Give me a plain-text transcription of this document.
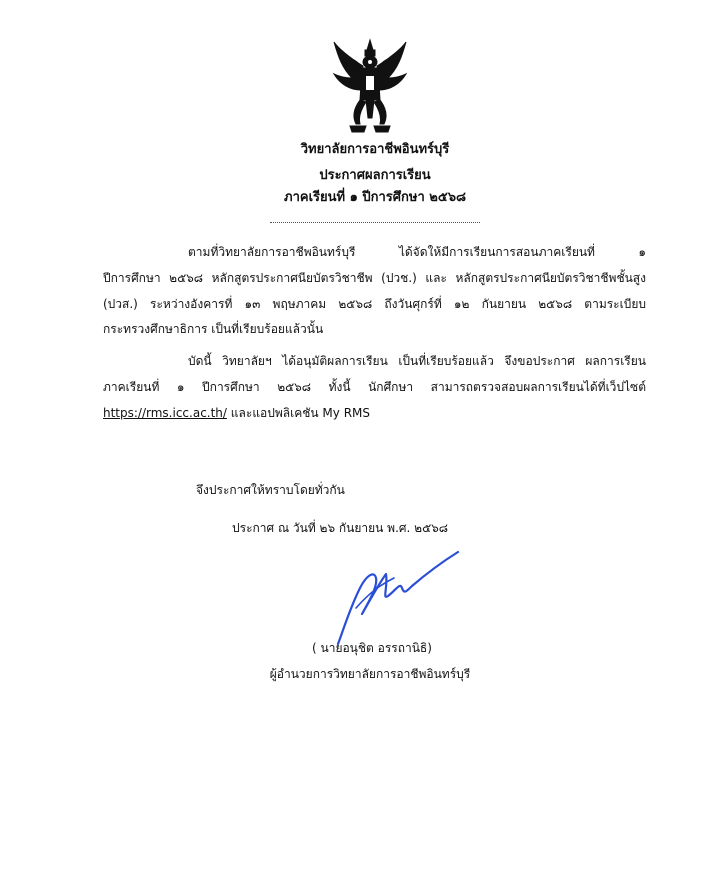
วิทยาลัยการอาชีพอินทร์บุรี
ประกาศผลการเรียน
ภาคเรียนที่ ๑ ปีการศึกษา ๒๕๖๘
ตามที่วิทยาลัยการอาชีพอินทร์บุรี ได้จัดให้มีการเรียนการสอนภาคเรียนที่ ๑
ปีการศึกษา ๒๕๖๘ หลักสูตรประกาศนียบัตรวิชาชีพ (ปวช.) และ หลักสูตรประกาศนียบัตรวิชาชีพชั้นสูง
(ปวส.) ระหว่างอังคารที่ ๑๓ พฤษภาคม ๒๕๖๘ ถึงวันศุกร์ที่ ๑๒ กันยายน ๒๕๖๘ ตามระเบียบ
กระทรวงศึกษาธิการ เป็นที่เรียบร้อยแล้วนั้น
บัดนี้ วิทยาลัยฯ ได้อนุมัติผลการเรียน เป็นที่เรียบร้อยแล้ว จึงขอประกาศ ผลการเรียน
ภาคเรียนที่ ๑ ปีการศึกษา ๒๕๖๘ ทั้งนี้ นักศึกษา สามารถตรวจสอบผลการเรียนได้ที่เว็ปไซต์
https://rms.icc.ac.th/ และแอปพลิเคชัน My RMS
จึงประกาศให้ทราบโดยทั่วกัน
ประกาศ ณ วันที่ ๒๖ กันยายน พ.ศ. ๒๕๖๘
( นายอนุชิต อรรถานิธิ)
ผู้อำนวยการวิทยาลัยการอาชีพอินทร์บุรี
